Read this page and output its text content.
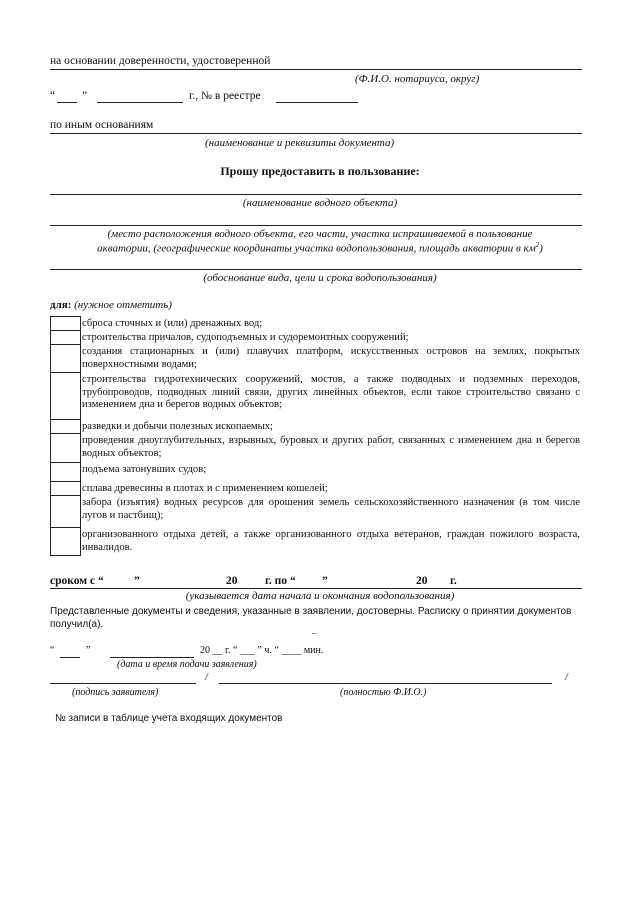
на основании доверенности, удостоверенной
(Ф.И.О. нотариуса, округ)
“ ”	г., № в реестре
по иным основаниям
(наименование и реквизиты документа)
Прошу предоставить в пользование:
(наименование водного объекта)
(место расположения водного объекта, его части, участка испрашиваемой в пользование
акватории, (географические координаты участка водопользования, площадь акватории в $км^2$)
(обоснование вида, цели и срока водопользования)
для: (нужное отметить)
сброса сточных и (или) дренажных вод;
строительства причалов, судоподъемных и судоремонтных сооружений;
создания стационарных и (или) плавучих платформ, искусственных островов на землях, покрытых поверхностными водами;
строительства гидротехнических сооружений, мостов, а также подводных и подземных переходов, трубопроводов, подводных линий связи, других линейных объектов, если такое строительство связано с изменением дна и берегов водных объектов;
разведки и добычи полезных ископаемых;
проведения дноуглубительных, взрывных, буровых и других работ, связанных с изменением дна и берегов водных объектов;
подъема затонувших судов;
сплава древесины в плотах и с применением кошелей;
забора (изъятия) водных ресурсов для орошения земель сельскохозяйственного назначения (в том числе лугов и пастбищ);
организованного отдыха детей, а также организованного отдыха ветеранов, граждан пожилого возраста, инвалидов.
сроком с “	”	20 г. по “ ”	20 г.
(указывается дата начала и окончания водопользования)
Представленные документы и сведения, указанные в заявлении, достоверны. Расписку о принятии документов получил(а).
–
“	”	20 __ г. “ ___ ” ч. “ ____ мин.
(дата и время подачи заявления)
/	/
(подпись заявителя)	(полностью Ф.И.О.)
№ записи в таблице учета входящих документов
